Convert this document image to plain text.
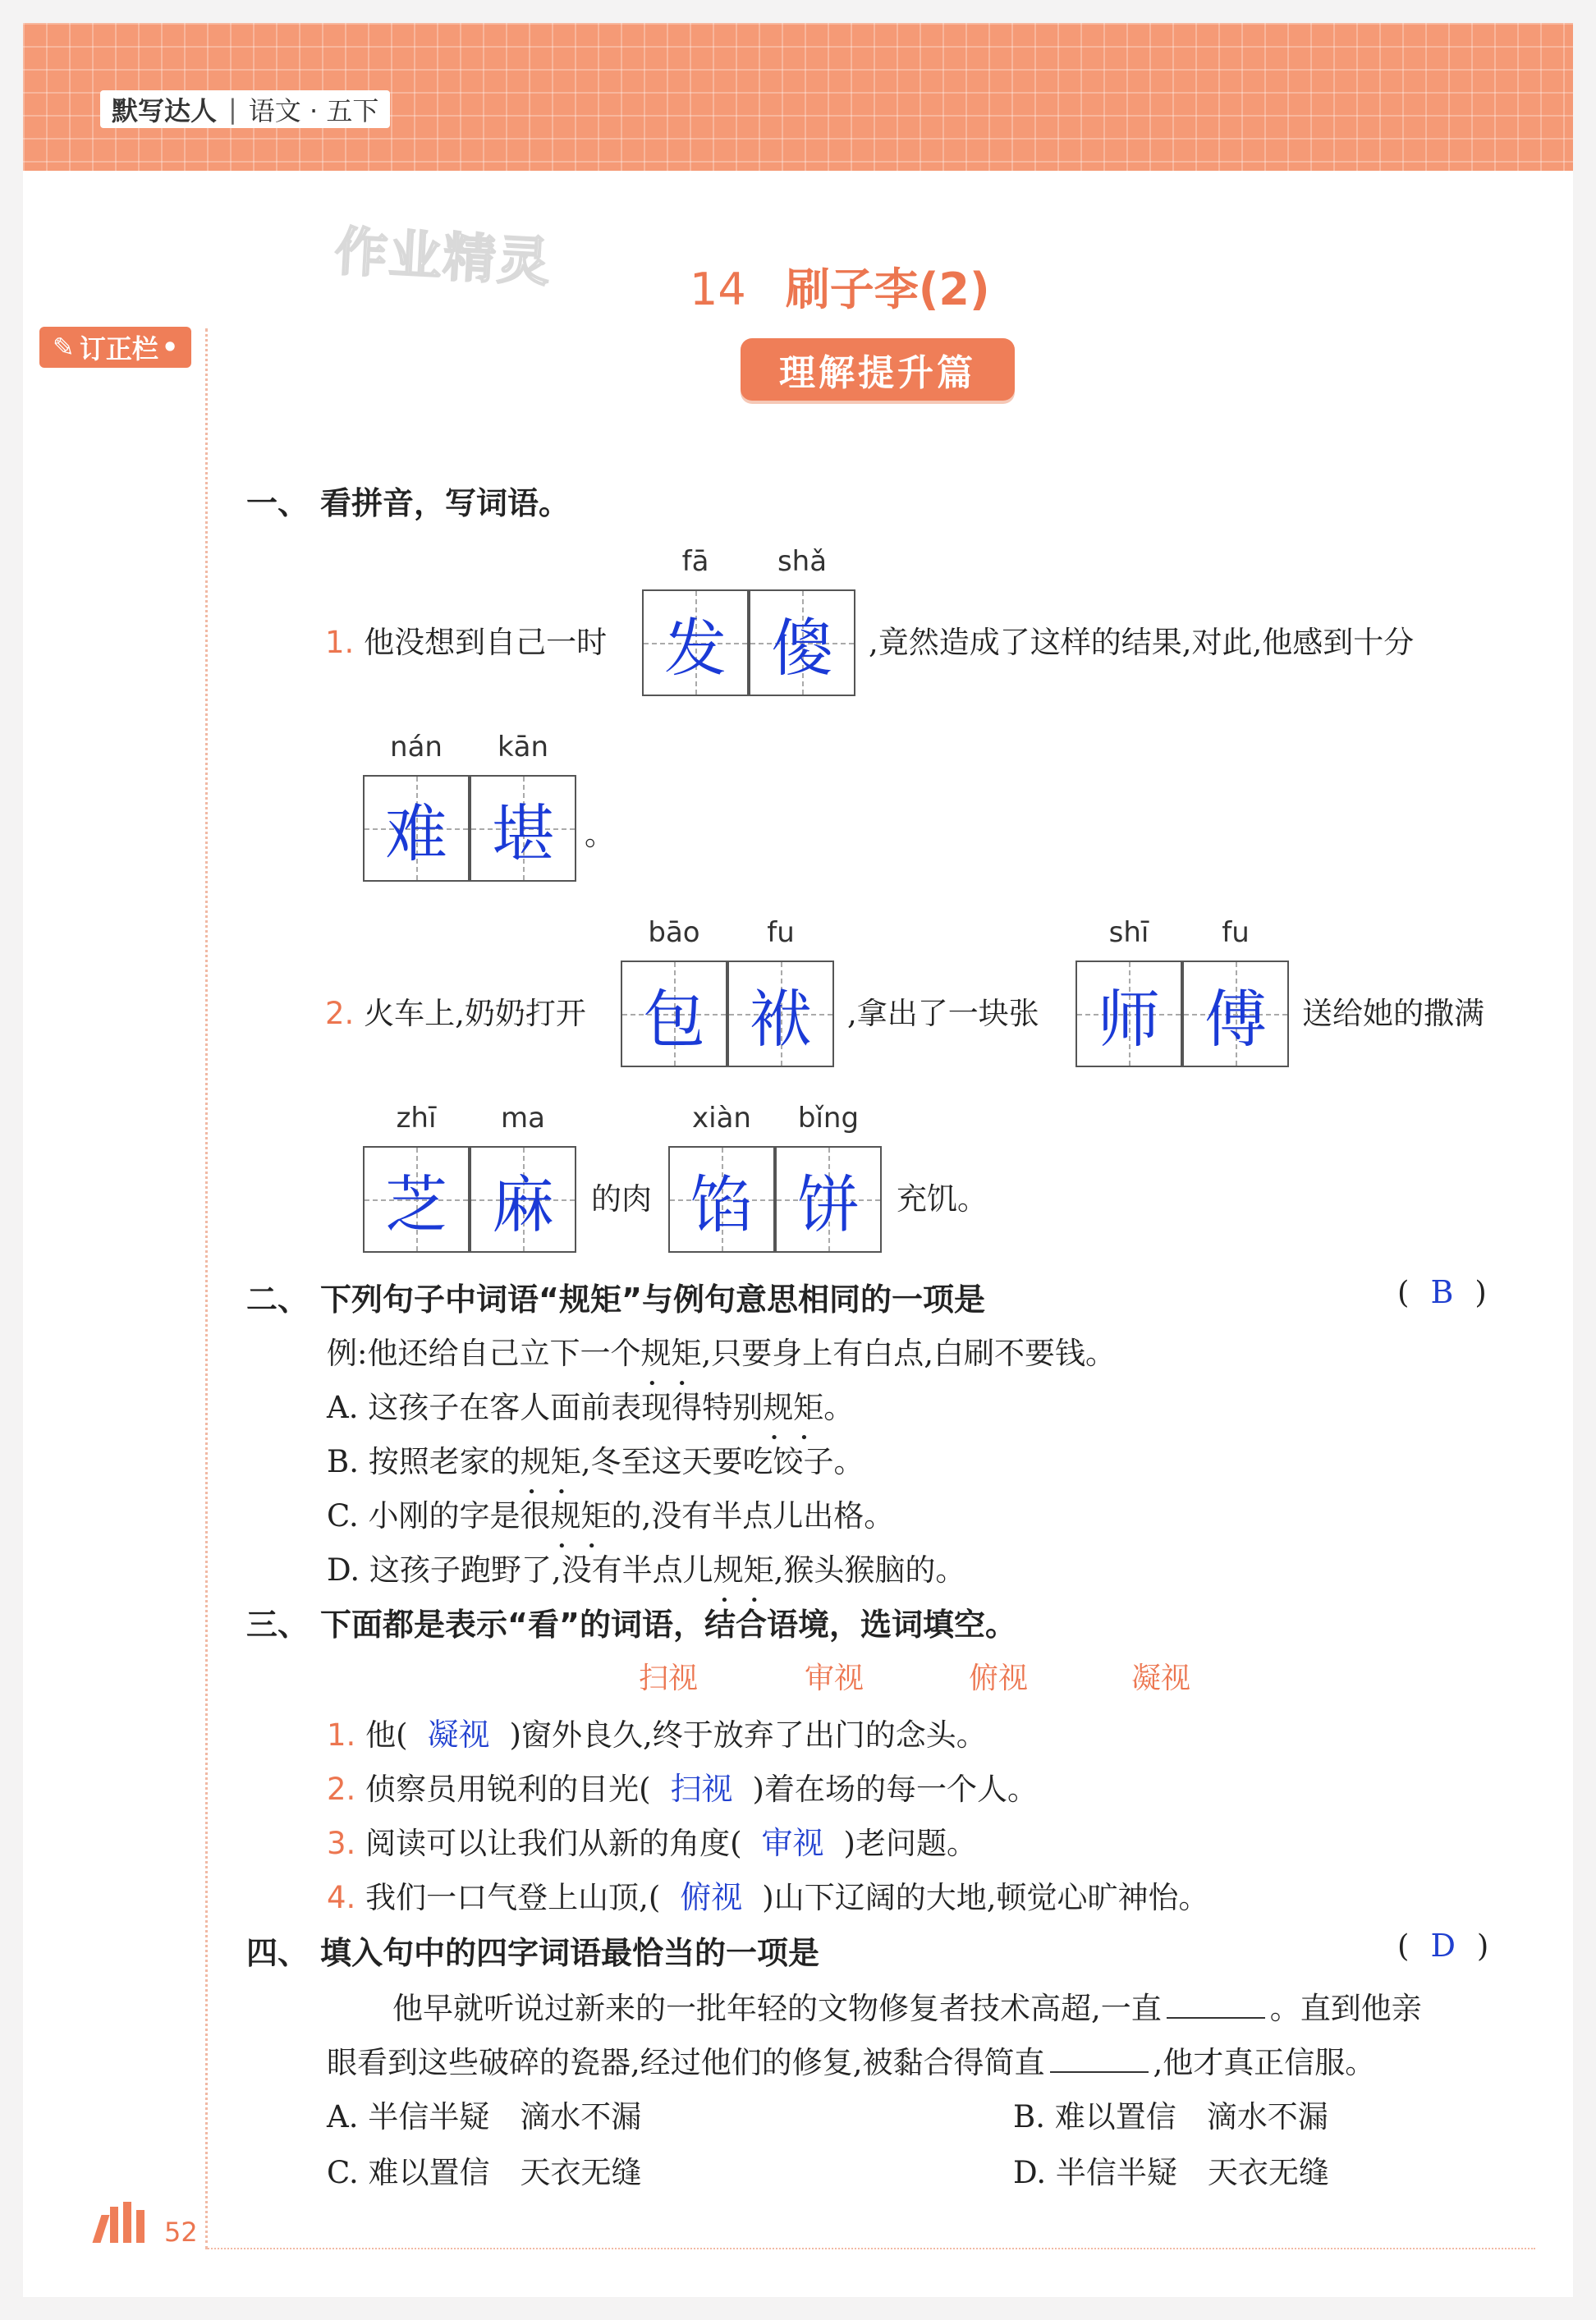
默写达人 | 语文 · 五下
作业精灵
✎ 订正栏 •
14 刷子李(2)
理解提升篇
一、 看拼音，写词语。
1. 他没想到自己一时
fā	shǎ
发 傻	,竟然造成了这样的结果,对此,他感到十分
nán	kān
难 堪	。
2. 火车上,奶奶打开
bāo	fu
包 袱	,拿出了一块张
shī	fu
师 傅	送给她的撒满
zhī	ma
芝 麻	的肉
xiàn	bǐng
馅 饼	充饥。
二、 下列句子中词语“规矩”与例句意思相同的一项是	( B )
例:他还给自己立下一个规矩 • •,只要身上有白点,白刷不要钱。
A. 这孩子在客人面前表现得特别规矩 • •。
B. 按照老家的规矩 • •,冬至这天要吃饺子。
C. 小刚的字是很规矩 • •的,没有半点儿出格。
D. 这孩子跑野了,没有半点儿规矩 • •,猴头猴脑的。
三、 下面都是表示“看”的词语，结合语境，选词填空。
扫视	审视	俯视	凝视
1. 他( 凝视 )窗外良久,终于放弃了出门的念头。
2. 侦察员用锐利的目光( 扫视 )着在场的每一个人。
3. 阅读可以让我们从新的角度( 审视 )老问题。
4. 我们一口气登上山顶,( 俯视 )山下辽阔的大地,顿觉心旷神怡。
四、 填入句中的四字词语最恰当的一项是	( D )
他早就听说过新来的一批年轻的文物修复者技术高超,一直	。直到他亲
眼看到这些破碎的瓷器,经过他们的修复,被黏合得简直	,他才真正信服。
A. 半信半疑　滴水不漏	B. 难以置信　滴水不漏
C. 难以置信　天衣无缝	D. 半信半疑　天衣无缝
52
